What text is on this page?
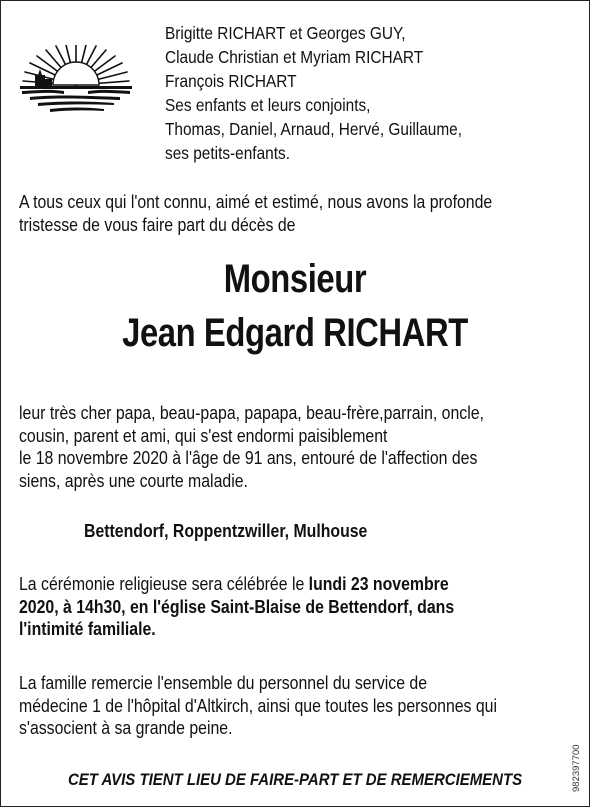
Brigitte RICHART et Georges GUY,
Claude Christian et Myriam RICHART
François RICHART
Ses enfants et leurs conjoints,
Thomas, Daniel, Arnaud, Hervé, Guillaume,
ses petits-enfants.
A tous ceux qui l'ont connu, aimé et estimé, nous avons la profonde
tristesse de vous faire part du décès de
Monsieur
Jean Edgard RICHART
leur très cher papa, beau-papa, papapa, beau-frère,parrain, oncle,
cousin, parent et ami, qui s'est endormi paisiblement
le 18 novembre 2020 à l'âge de 91 ans, entouré de l'affection des
siens, après une courte maladie.
Bettendorf, Roppentzwiller, Mulhouse
La cérémonie religieuse sera célébrée le lundi 23 novembre
2020, à 14h30, en l'église Saint-Blaise de Bettendorf, dans
l'intimité familiale.
La famille remercie l'ensemble du personnel du service de
médecine 1 de l'hôpital d'Altkirch, ainsi que toutes les personnes qui
s'associent à sa grande peine.
CET AVIS TIENT LIEU DE FAIRE-PART ET DE REMERCIEMENTS	982397700
